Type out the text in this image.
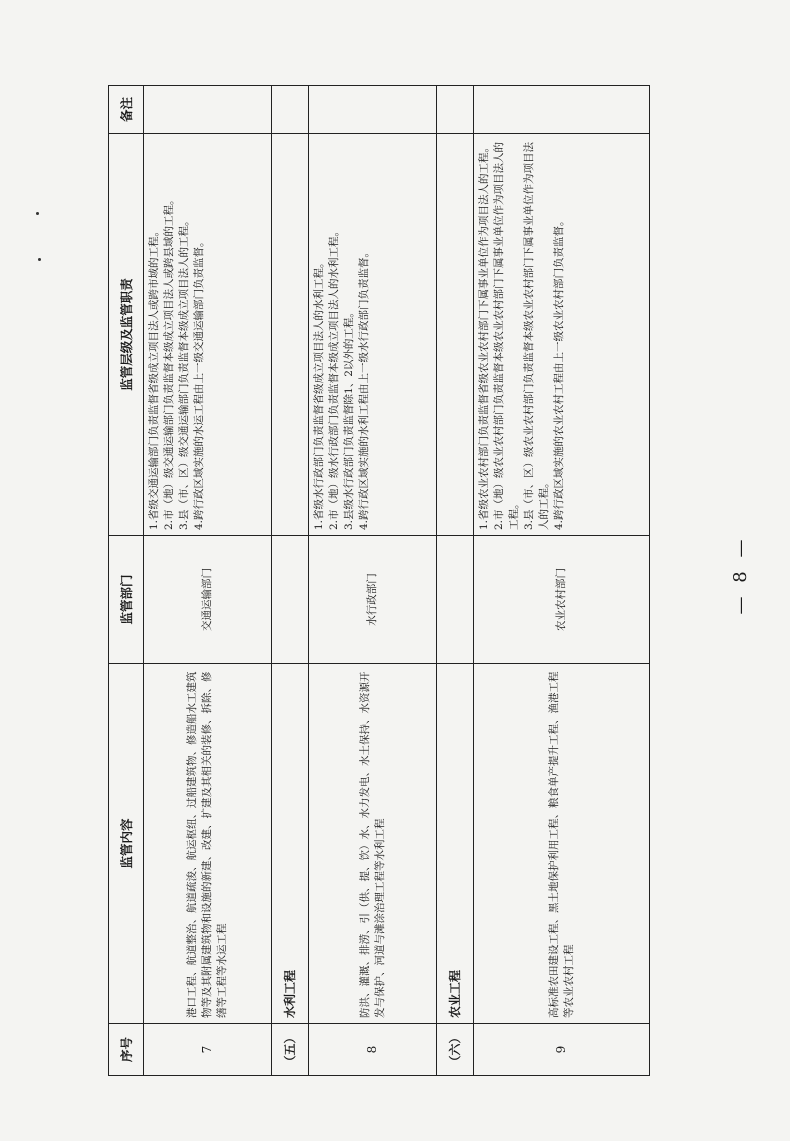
序号	监管内容	监管部门	监管层级及监管职责	备注
7	港口工程、航道整治、航道疏浚、航运枢纽、过船建筑物、修造船水工建筑物等及其附属建筑物和设施的新建、改建、扩建及其相关的装修、拆除、修缮等工程等水运工程	交通运输部门	1.省级交通运输部门负责监督省级成立项目法人或跨市域的工程。 2.市（地）级交通运输部门负责监督本级成立项目法人或跨县域的工程。 3.县（市、区）级交通运输部门负责监督本级成立项目法人的工程。 4.跨行政区域实施的水运工程由上一级交通运输部门负责监督。	

（五）	水利工程			
8	防洪、灌溉、排涝、引（供、提、饮）水、水力发电、水土保持、水资源开发与保护、河道与滩涂治理工程等水利工程	水行政部门	1.省级水行政部门负责监督省级成立项目法人的水利工程。 2.市（地）级水行政部门负责监督本级成立项目法人的水利工程。 3.县级水行政部门负责监督除1、2以外的工程。 4.跨行政区域实施的水利工程由上一级水行政部门负责监督。	

（六）	农业工程			
9	高标准农田建设工程、黑土地保护利用工程、粮食单产提升工程、渔港工程等农业农村工程	农业农村部门	1.省级农业农村部门负责监督省级农业农村部门下属事业单位作为项目法人的工程。 2.市（地）级农业农村部门负责监督本级农业农村部门下属事业单位作为项目法人的工程。 3.县（市、区）级农业农村部门负责监督本级农业农村部门下属事业单位作为项目法人的工程。 4.跨行政区域实施的农业农村工程由上一级农业农村部门负责监督。	

— 8 —
